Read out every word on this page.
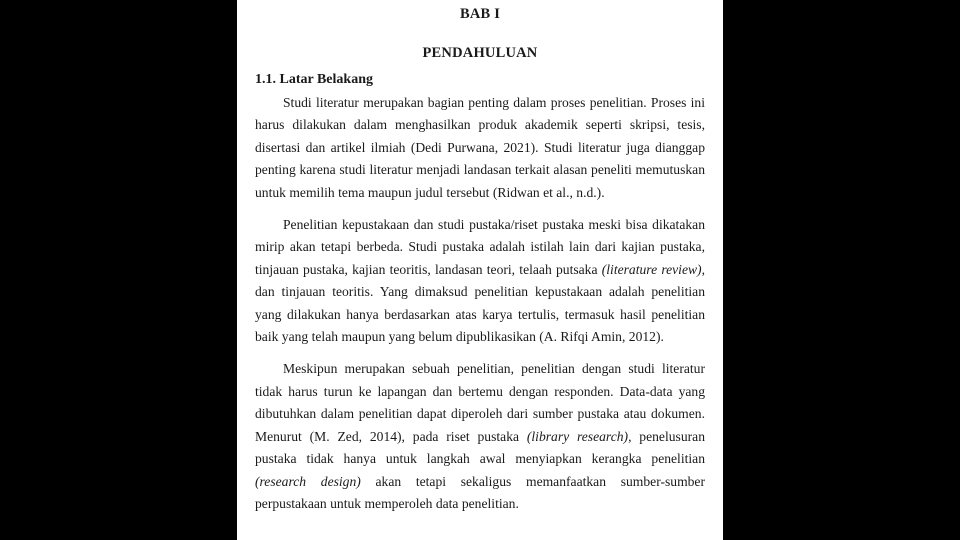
BAB I
PENDAHULUAN
1.1. Latar Belakang

Studi literatur merupakan bagian penting dalam proses penelitian. Proses ini harus dilakukan dalam menghasilkan produk akademik seperti skripsi, tesis, disertasi dan artikel ilmiah (Dedi Purwana, 2021). Studi literatur juga dianggap penting karena studi literatur menjadi landasan terkait alasan peneliti memutuskan untuk memilih tema maupun judul tersebut (Ridwan et al., n.d.).

Penelitian kepustakaan dan studi pustaka/riset pustaka meski bisa dikatakan mirip akan tetapi berbeda. Studi pustaka adalah istilah lain dari kajian pustaka, tinjauan pustaka, kajian teoritis, landasan teori, telaah putsaka (literature review), dan tinjauan teoritis. Yang dimaksud penelitian kepustakaan adalah penelitian yang dilakukan hanya berdasarkan atas karya tertulis, termasuk hasil penelitian baik yang telah maupun yang belum dipublikasikan (A. Rifqi Amin, 2012).

Meskipun merupakan sebuah penelitian, penelitian dengan studi literatur tidak harus turun ke lapangan dan bertemu dengan responden. Data-data yang dibutuhkan dalam penelitian dapat diperoleh dari sumber pustaka atau dokumen. Menurut (M. Zed, 2014), pada riset pustaka (library research), penelusuran pustaka tidak hanya untuk langkah awal menyiapkan kerangka penelitian (research design) akan tetapi sekaligus memanfaatkan sumber-sumber perpustakaan untuk memperoleh data penelitian.
